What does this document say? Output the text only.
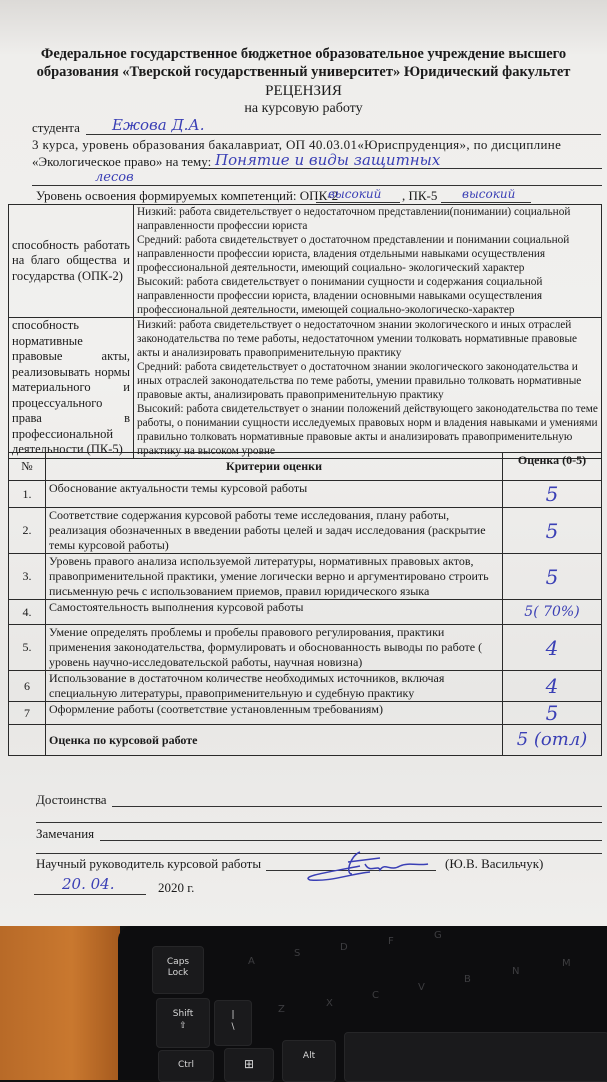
Федеральное государственное бюджетное образовательное учреждение высшего
образования «Тверской государственный университет» Юридический факультет
РЕЦЕНЗИЯ
на курсовую работу
студента Ежова Д.А.
3 курса, уровень образования бакалавриат, ОП 40.03.01«Юриспруденция», по дисциплине
«Экологическое право» на тему: Понятие и виды защитных
лесов
Уровень освоения формируемых компетенций: ОПК-2
высокий , ПК-5 высокий
способность работать на благо общества и государства (ОПК-2)	Низкий: работа свидетельствует о недостаточном представлении(понимании) социальной направленности профессии юриста
Средний: работа свидетельствует о достаточном представлении и понимании социальной направленности профессии юриста, владения отдельными навыками осуществления профессиональной деятельности, имеющий социально- экологический характер
Высокий: работа свидетельствует о понимании сущности и содержания социальной направленности профессии юриста, владении основными навыками осуществления профессиональной деятельности, имеющей социально-экологическо-характер

способность нормативные правовые акты, реализовывать нормы материального и процессуального права в профессиональной деятельности (ПК-5)	Низкий: работа свидетельствует о недостаточном знании экологического и иных отраслей законодательства по теме работы, недостаточном умении толковать нормативные правовые акты и анализировать правоприменительную практику
Средний: работа свидетельствует о достаточном знании экологического законодательства и иных отраслей законодательства по теме работы, умении правильно толковать нормативные правовые акты, анализировать правоприменительную практику
Высокий: работа свидетельствует о знании положений действующего законодательства по теме работы, о понимании сущности исследуемых правовых норм и владения навыками и умениями правильно толковать нормативные правовые акты и анализировать правоприменительную практику на высоком уровне
№	Критерии оценки	Оценка (0-5)
1.	Обоснование актуальности темы курсовой работы	5
2.	Соответствие содержания курсовой работы теме исследования, плану работы, реализация обозначенных в введении работы целей и задач исследования (раскрытие темы курсовой работы)	5
3.	Уровень правого анализа используемой литературы, нормативных правовых актов, правоприменительной практики, умение логически верно и аргументировано строить письменную речь с использованием приемов, правил юридического языка	5
4.	Самостоятельность выполнения курсовой работы	5( 70%)
5.	Умение определять проблемы и пробелы правового регулирования, практики применения законодательства, формулировать и обоснованность выводы по работе ( уровень научно-исследовательской работы, научная новизна)	4
6	Использование в достаточном количестве необходимых источников, включая специальную литературы, правоприменительную и судебную практику	4
7	Оформление работы (соответствие установленным требованиям)	5
	Оценка по курсовой работе	5 (отл)
Достоинства
Замечания
Научный руководитель курсовой работы	(Ю.В. Васильчук)
20. 04.	2020 г.
Caps Lock
Shift
⇧
|
\
Ctrl	⊞
Alt
A
S
D
F
G
Z
X
C
V
B
N
M
